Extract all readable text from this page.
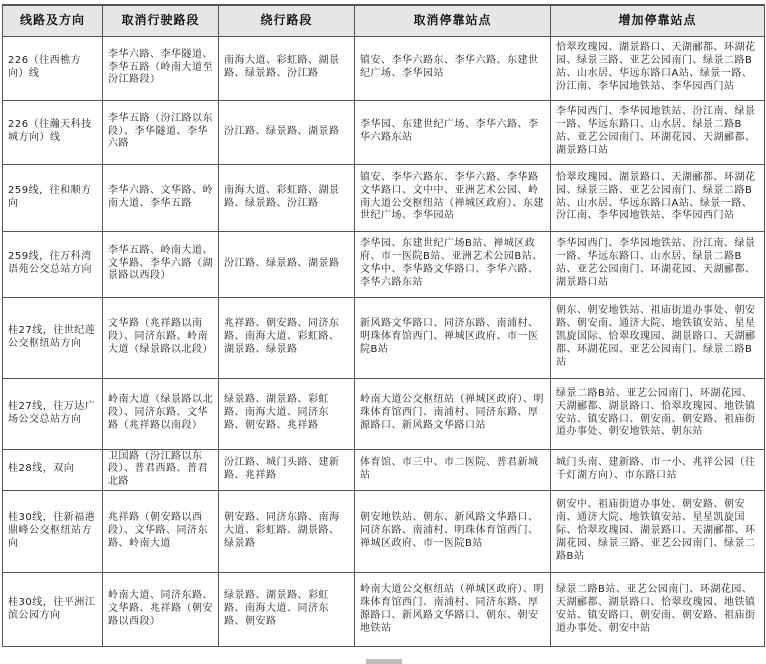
线路及方向	取消行驶路段	绕行路段	取消停靠站点	增加停靠站点
226（往西樵方向）线	李华六路、李华隧道、李华五路（岭南大道至汾江路段）	南海大道、彩虹路、湖景路、绿景路、汾江路	镇安、李华六路东、李华六路、东建世纪广场、李华园站	恰翠玫瑰园、湖景路口、天湖郦都、环湖花园、绿景三路、亚艺公园南门、绿景二路B站、山水居、华远东路口A站、绿景一路、汾江南、李华园地铁站、李华园西门站
226（往瀚天科技城方向）线	李华五路（汾江路以东段）、李华隧道、李华六路	汾江路、绿景路、湖景路	李华园、东建世纪广场、李华六路、李华六路东站	李华园西门、李华园地铁站、汾江南、绿景一路、华远东路口、山水居、绿景二路B站、亚艺公园南门、环湖花园、天湖郦都、湖景路口站
259线，往和顺方向	李华六路、文华路、岭南大道、李华五路	南海大道、彩虹路、湖景路、绿景路、汾江路	镇安、李华六路东、李华六路、李华路文华路口、文中中、亚洲艺术公园、岭南大道公交枢纽站（禅城区政府）、东建世纪广场、李华园站	恰翠玫瑰园、湖景路口、天湖郦都、环湖花园、绿景三路、亚艺公园南门、绿景二路B站、山水居、华远东路口A站、绿景一路、汾江南、李华园地铁站、李华园西门站
259线，往万科湾语苑公交总站方向	李华五路、岭南大道、文华路、李华六路（湖景路以西段）	汾江路、绿景路、湖景路	李华园、东建世纪广场B站、禅城区政府、市一医院B站、亚洲艺术公园B站、文华中、李华路文华路口、李华六路、李华六路东站	李华园西门、李华园地铁站、汾江南、绿景一路、华远东路口、山水居、绿景二路B站、亚艺公园南门、环湖花园、天湖郦都、湖景路口站
桂27线，往世纪莲公交枢纽站方向	文华路（兆祥路以南段）、同济东路、岭南大道（绿景路以北段）	兆祥路、朝安路、同济东路、南海大道、彩虹路、湖景路、绿景路	新风路文华路口、同济东路、南浦村、明珠体育馆西门、禅城区政府、市一医院B站	朝东、朝安地铁站、祖庙街道办事处、朝安路、朝安南、通济大院、地铁镇安站、星星凯旋国际、恰翠玫瑰园、湖景路口、天湖郦都、环湖花园、亚艺公园南门、绿景二路B站
桂27线，往万达广场公交总站方向	岭南大道（绿景路以北段）、同济东路、文华路（兆祥路以南段）	绿景路、湖景路、彩虹路、南海大道、同济东路、朝安路、兆祥路	岭南大道公交枢纽站（禅城区政府）、明珠体育馆西门、南浦村、同济东路、厚源路口、新风路文华路口站	绿景二路B站、亚艺公园南门、环湖花园、天湖郦都、湖景路口、恰翠玫瑰园、地铁镇安站、镇安路口、朝安南、朝安路、祖庙街道办事处、朝安地铁站、朝东站
桂28线，双向	卫国路（汾江路以东段）、普君西路、普君北路	汾江路、城门头路、建新路、兆祥路	体育馆、市三中、市二医院、普君新城站	城门头南、建新路、市一小、兆祥公园（往千灯湖方向）、市东路口站
桂30线，往新福港鼎峰公交枢纽站方向	兆祥路（朝安路以西段）、文华路、同济东路、岭南大道	朝安路、同济东路、南海大道、彩虹路、湖景路、绿景路	朝安地铁站、朝东、新风路文华路口、同济东路、南浦村、明珠体育馆西门、禅城区政府、市一医院B站	朝安中、祖庙街道办事处、朝安路、朝安南、通济大院、地铁镇安站、星星凯旋国际、恰翠玫瑰园、湖景路口、天湖郦都、环湖花园、绿景三路、亚艺公园南门、绿景二路B站
桂30线，往平洲江滨公园方向	岭南大道、同济东路、文华路、兆祥路（朝安路以西段）	绿景路、湖景路、彩虹路、南海大道、同济东路、朝安路	岭南大道公交枢纽站（禅城区政府）、明珠体育馆西门、南浦村、同济东路、厚源路口、新风路文华路口、朝东、朝安地铁站	绿景二路B站、亚艺公园南门、环湖花园、天湖郦都、湖景路口、恰翠玫瑰园、地铁镇安站、镇安路口、朝安南、朝安路、祖庙街道办事处、朝安中站
